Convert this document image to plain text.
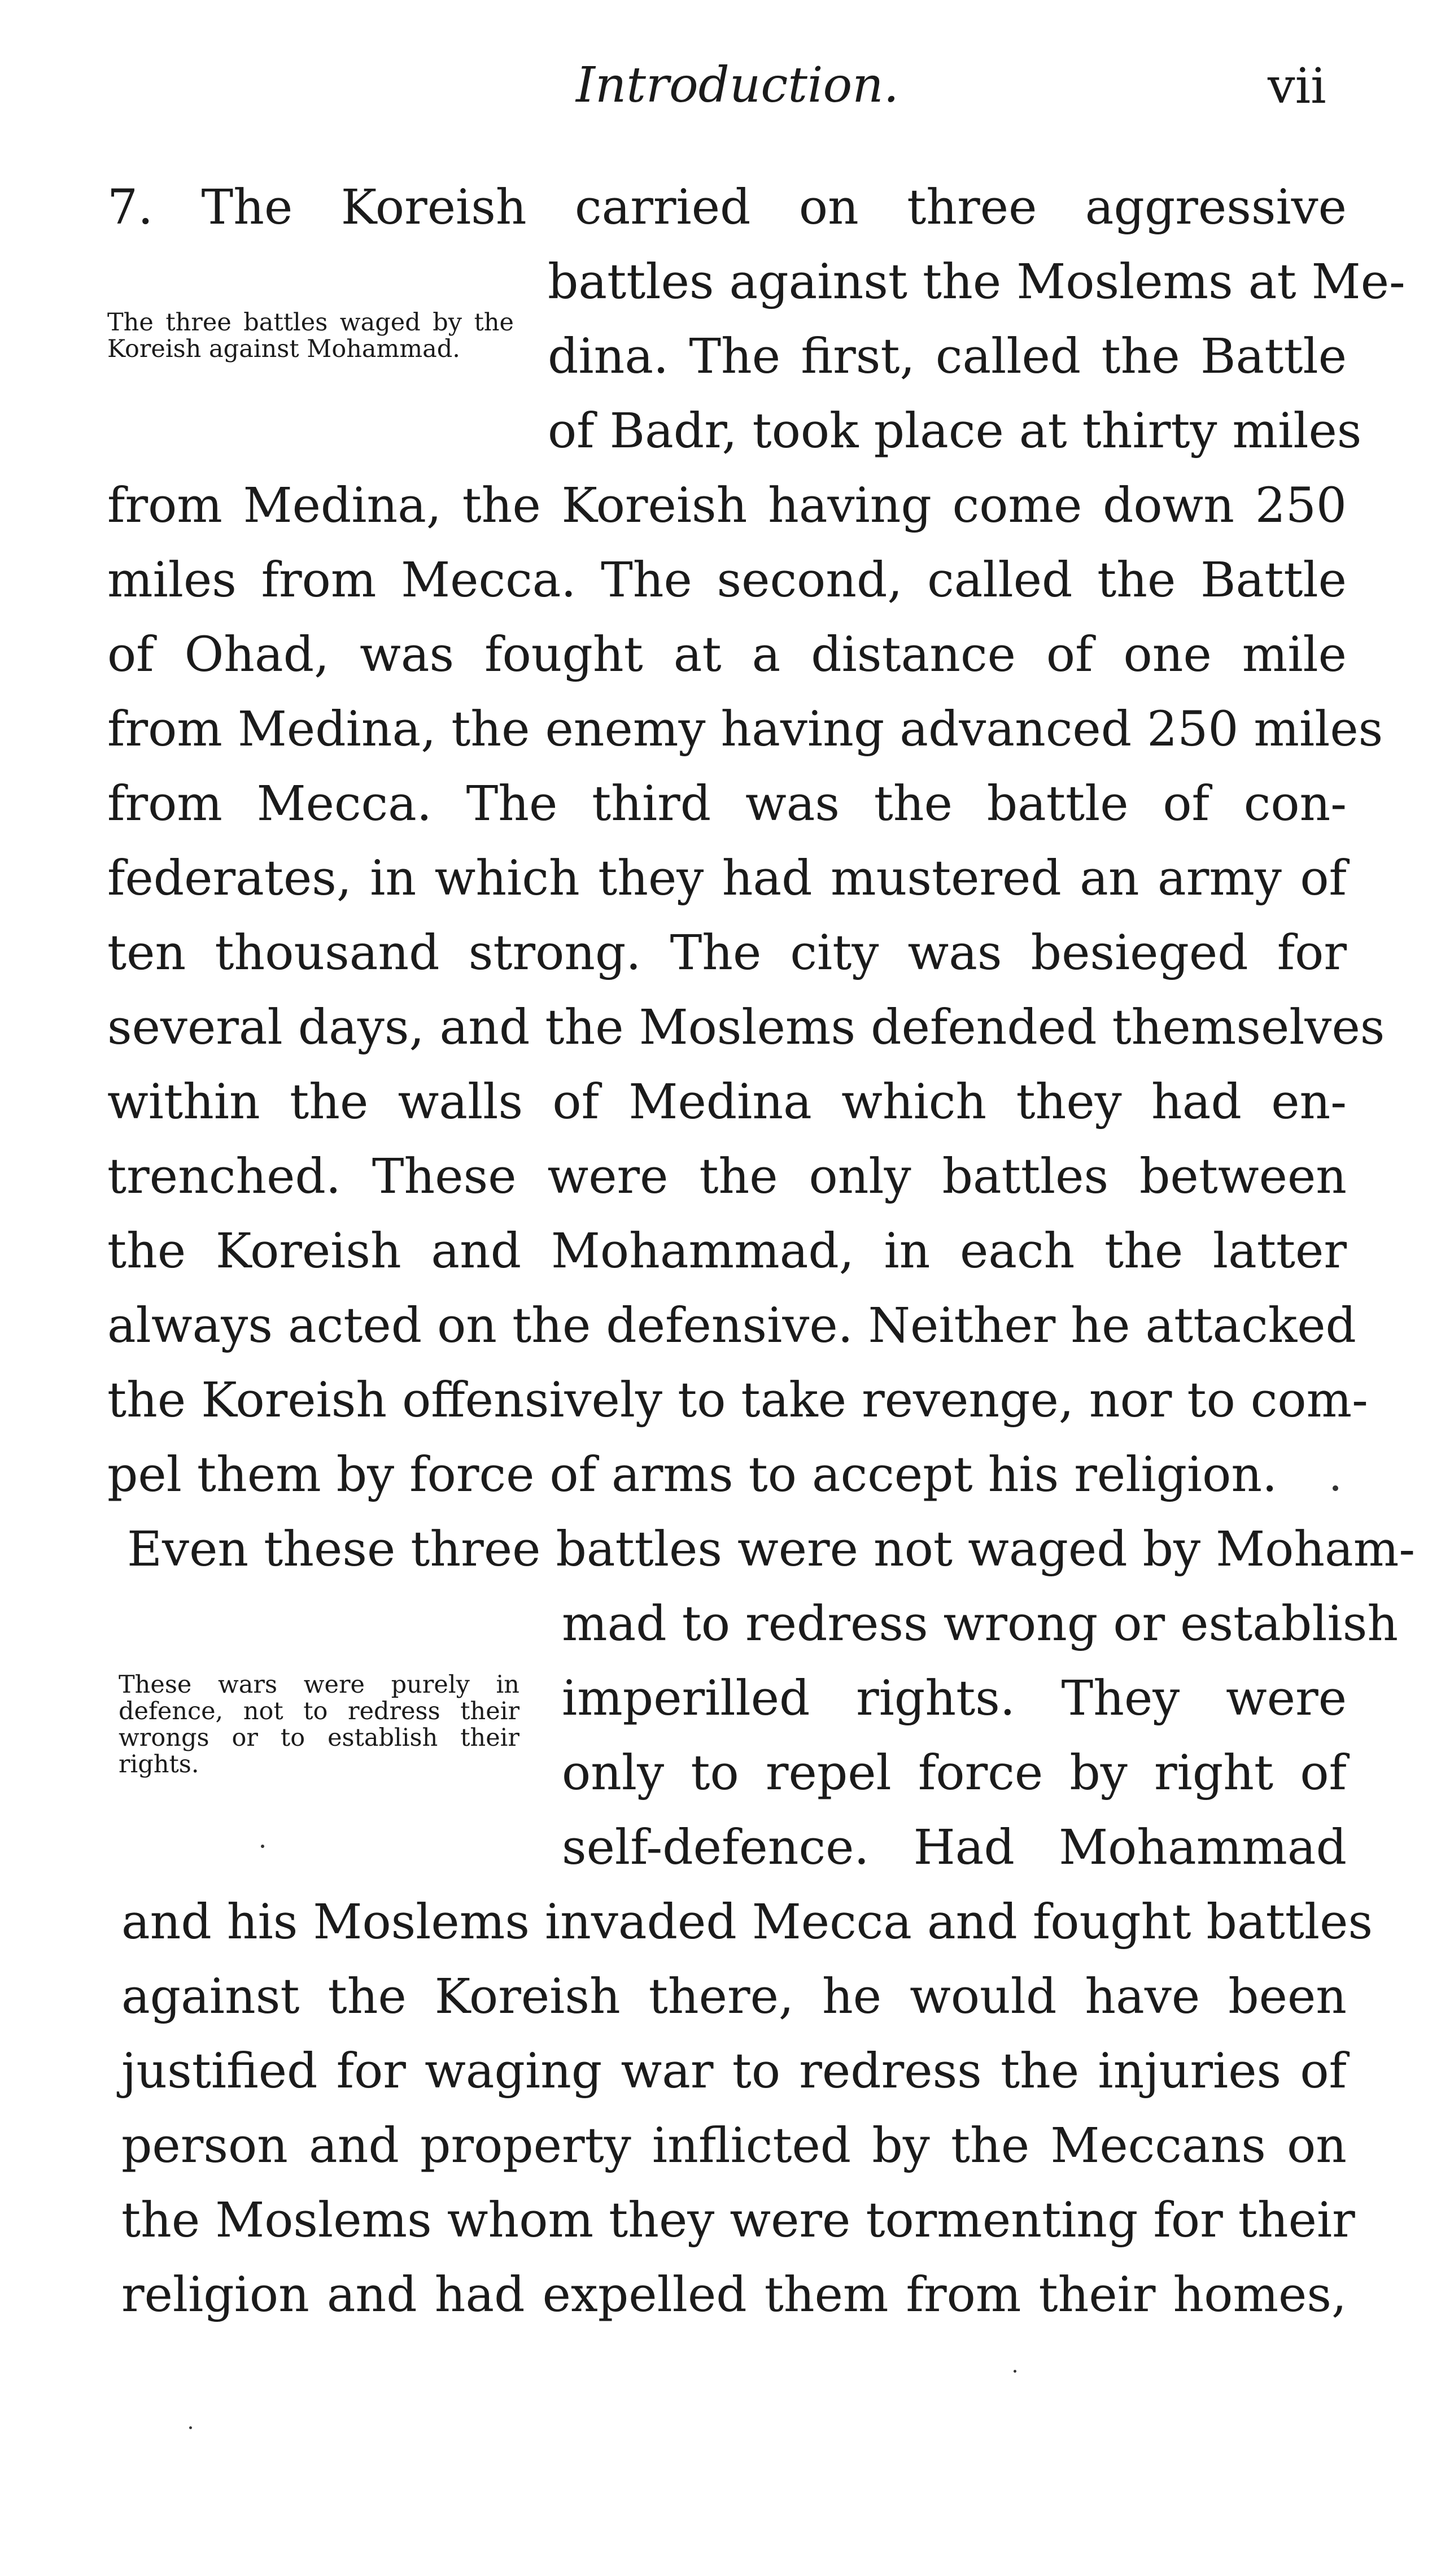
Introduction.	vii
The three battles waged by the Koreish against Mohammad.
These wars were purely in defence, not to redress their wrongs or to establish their rights.
7. The Koreish carried on three aggressive
battles against the Moslems at Me-
dina. The first, called the Battle
of Badr, took place at thirty miles
from Medina, the Koreish having come down 250
miles from Mecca. The second, called the Battle
of Ohad, was fought at a distance of one mile
from Medina, the enemy having advanced 250 miles
from Mecca. The third was the battle of con-
federates, in which they had mustered an army of
ten thousand strong. The city was besieged for
several days, and the Moslems defended themselves
within the walls of Medina which they had en-
trenched. These were the only battles between
the Koreish and Mohammad, in each the latter
always acted on the defensive. Neither he attacked
the Koreish offensively to take revenge, nor to com-
pel them by force of arms to accept his religion.
Even these three battles were not waged by Moham-
mad to redress wrong or establish
imperilled rights. They were
only to repel force by right of
self-defence. Had Mohammad
and his Moslems invaded Mecca and fought battles
against the Koreish there, he would have been
justified for waging war to redress the injuries of
person and property inflicted by the Meccans on
the Moslems whom they were tormenting for their
religion and had expelled them from their homes,
